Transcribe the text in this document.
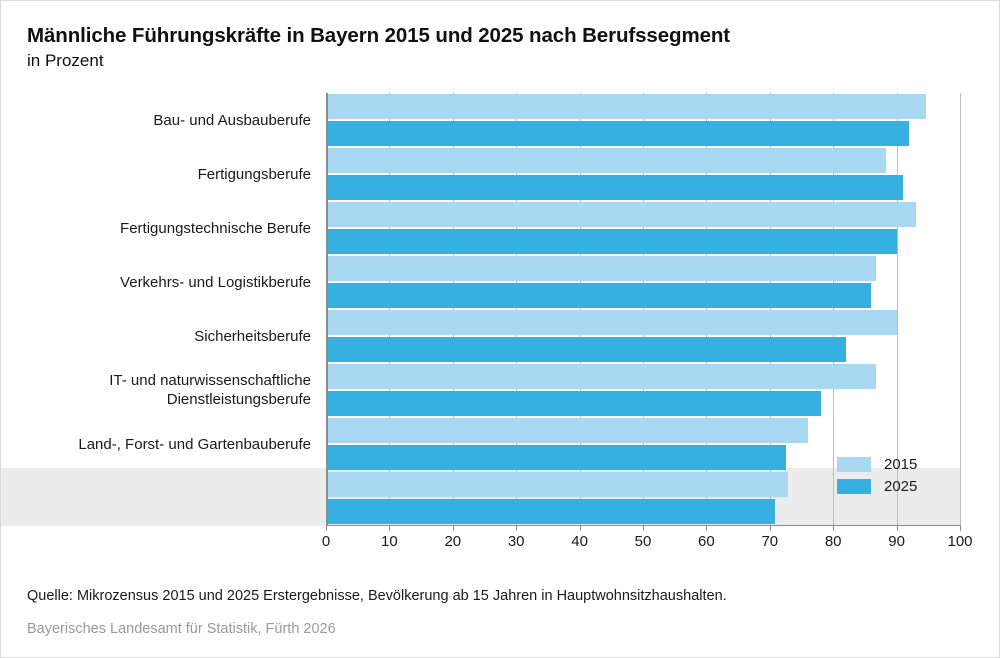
Männliche Führungskräfte in Bayern 2015 und 2025 nach Berufssegment
in Prozent
Bau- und Ausbauberufe
Fertigungsberufe
Fertigungstechnische Berufe
Verkehrs- und Logistikberufe
Sicherheitsberufe
IT- und naturwissenschaftliche
Dienstleistungsberufe
Land-, Forst- und Gartenbauberufe
0	10	20	30	40	50	60	70	80	90	100
2015
2025
Quelle: Mikrozensus 2015 und 2025 Erstergebnisse, Bevölkerung ab 15 Jahren in Hauptwohnsitzhaushalten.
Bayerisches Landesamt für Statistik, Fürth 2026
